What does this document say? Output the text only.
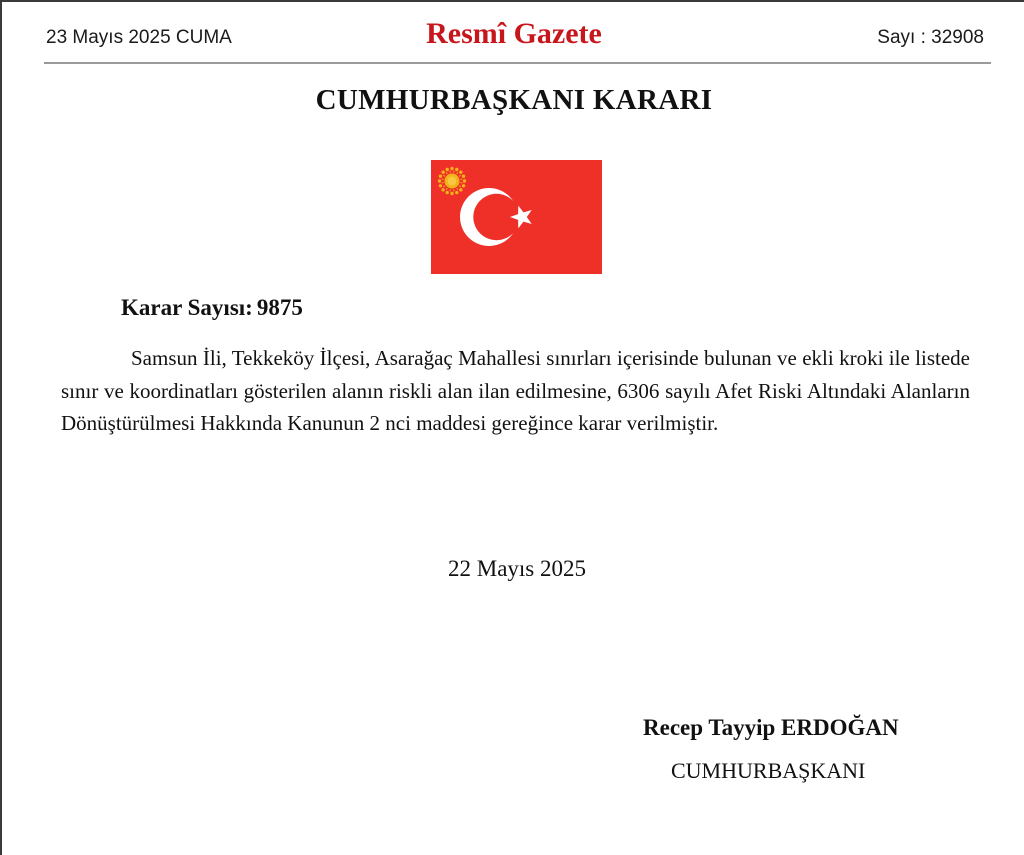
23 Mayıs 2025 CUMA	Resmî Gazete	Sayı : 32908
CUMHURBAŞKANI KARARI
Karar Sayısı: 9875

Samsun İli, Tekkeköy İlçesi, Asarağaç Mahallesi sınırları içerisinde bulunan ve ekli kroki ile listede sınır ve koordinatları gösterilen alanın riskli alan ilan edilmesine, 6306 sayılı Afet Riski Altındaki Alanların Dönüştürülmesi Hakkında Kanunun 2 nci maddesi gereğince karar verilmiştir.

22 Mayıs 2025
Recep Tayyip ERDOĞAN
CUMHURBAŞKANI
